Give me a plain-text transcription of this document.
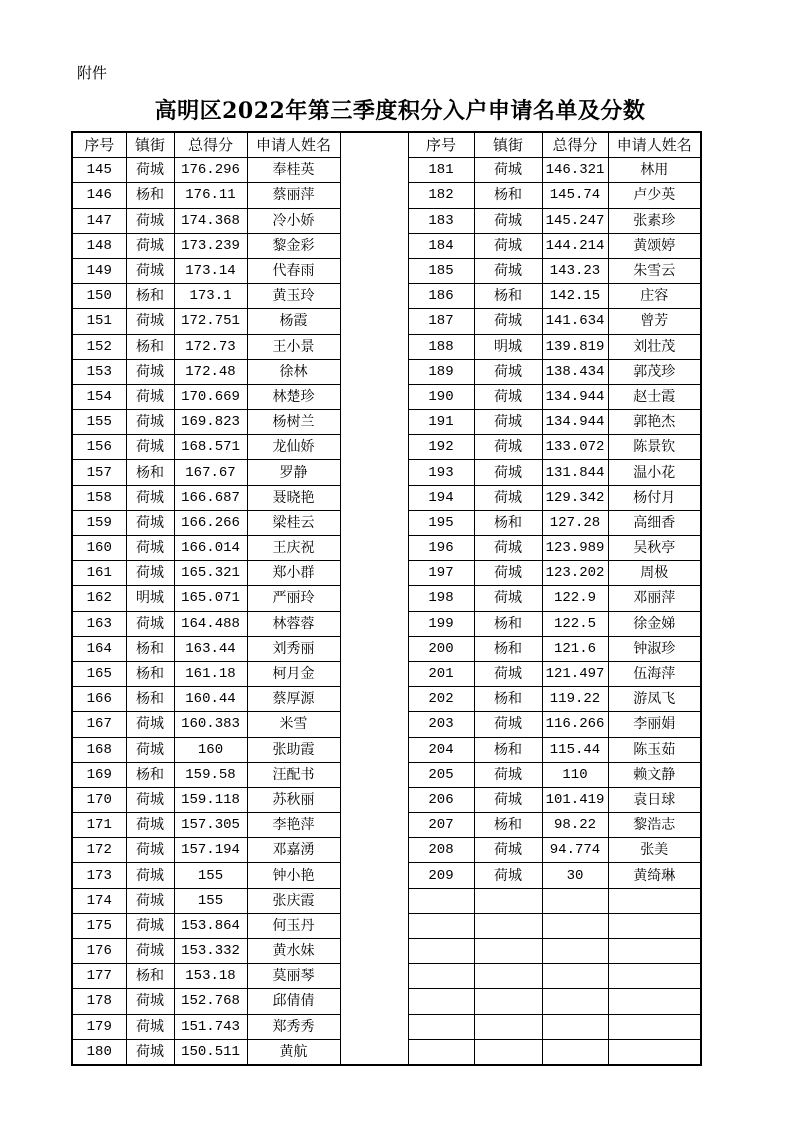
附件
高明区2022年第三季度积分入户申请名单及分数
序号	镇街	总得分	申请人姓名		序号	镇街	总得分	申请人姓名
145	荷城	176.296	奉桂英		181	荷城	146.321	林用
146	杨和	176.11	蔡丽萍		182	杨和	145.74	卢少英
147	荷城	174.368	冷小娇		183	荷城	145.247	张素珍
148	荷城	173.239	黎金彩		184	荷城	144.214	黄颂婷
149	荷城	173.14	代春雨		185	荷城	143.23	朱雪云
150	杨和	173.1	黄玉玲		186	杨和	142.15	庄容
151	荷城	172.751	杨霞		187	荷城	141.634	曾芳
152	杨和	172.73	王小景		188	明城	139.819	刘壮茂
153	荷城	172.48	徐林		189	荷城	138.434	郭茂珍
154	荷城	170.669	林楚珍		190	荷城	134.944	赵士霞
155	荷城	169.823	杨树兰		191	荷城	134.944	郭艳杰
156	荷城	168.571	龙仙娇		192	荷城	133.072	陈景钦
157	杨和	167.67	罗静		193	荷城	131.844	温小花
158	荷城	166.687	聂晓艳		194	荷城	129.342	杨付月
159	荷城	166.266	梁桂云		195	杨和	127.28	高细香
160	荷城	166.014	王庆祝		196	荷城	123.989	吴秋亭
161	荷城	165.321	郑小群		197	荷城	123.202	周极
162	明城	165.071	严丽玲		198	荷城	122.9	邓丽萍
163	荷城	164.488	林蓉蓉		199	杨和	122.5	徐金娣
164	杨和	163.44	刘秀丽		200	杨和	121.6	钟淑珍
165	杨和	161.18	柯月金		201	荷城	121.497	伍海萍
166	杨和	160.44	蔡厚源		202	杨和	119.22	游凤飞
167	荷城	160.383	米雪		203	荷城	116.266	李丽娟
168	荷城	160	张助霞		204	杨和	115.44	陈玉茹
169	杨和	159.58	汪配书		205	荷城	110	赖文静
170	荷城	159.118	苏秋丽		206	荷城	101.419	袁日球
171	荷城	157.305	李艳萍		207	杨和	98.22	黎浩志
172	荷城	157.194	邓嘉湧		208	荷城	94.774	张美
173	荷城	155	钟小艳		209	荷城	30	黄绮琳
174	荷城	155	张庆霞					
175	荷城	153.864	何玉丹					
176	荷城	153.332	黄水妹					
177	杨和	153.18	莫丽琴					
178	荷城	152.768	邱倩倩					
179	荷城	151.743	郑秀秀					
180	荷城	150.511	黄航					
